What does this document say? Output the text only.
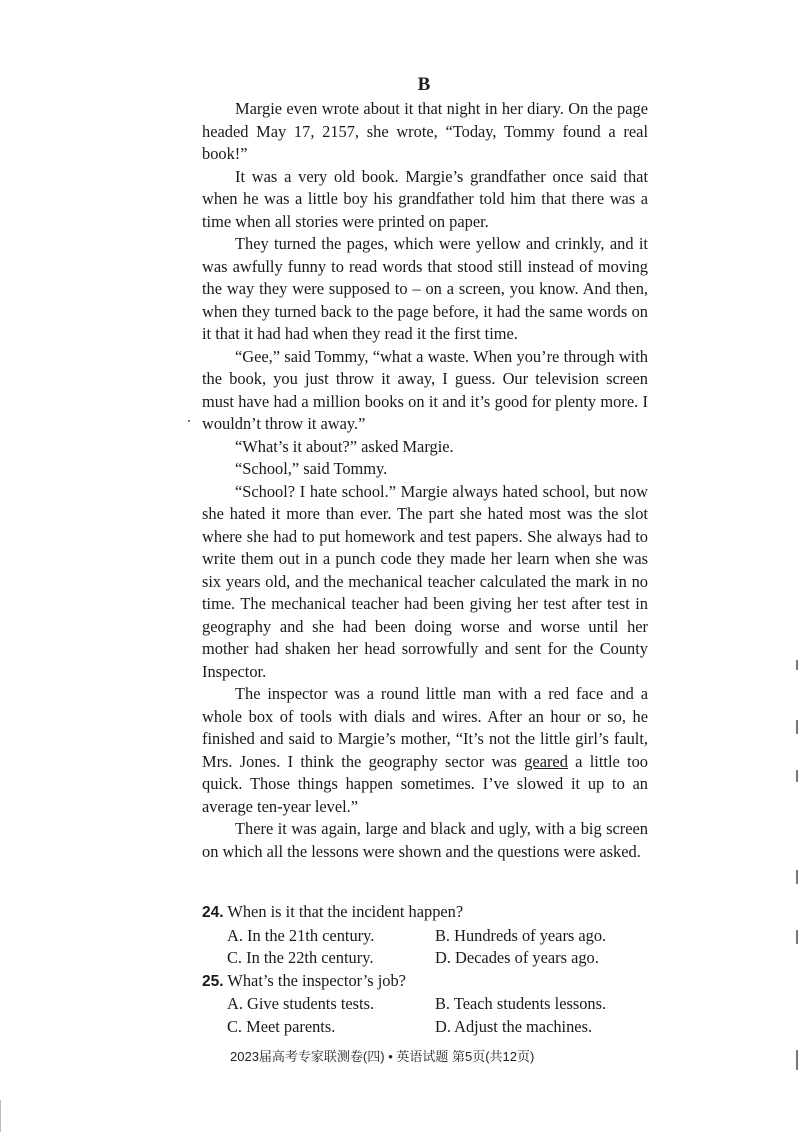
B

Margie even wrote about it that night in her diary. On the page headed May 17, 2157, she wrote, “Today, Tommy found a real book!”

It was a very old book. Margie’s grandfather once said that when he was a little boy his grandfather told him that there was a time when all stories were printed on paper.

They turned the pages, which were yellow and crinkly, and it was awfully funny to read words that stood still instead of moving the way they were supposed to – on a screen, you know. And then, when they turned back to the page before, it had the same words on it that it had had when they read it the first time.

“Gee,” said Tommy, “what a waste. When you’re through with the book, you just throw it away, I guess. Our television screen must have had a million books on it and it’s good for plenty more. I wouldn’t throw it away.”

“What’s it about?” asked Margie.

“School,” said Tommy.

“School? I hate school.” Margie always hated school, but now she hated it more than ever. The part she hated most was the slot where she had to put homework and test papers. She always had to write them out in a punch code they made her learn when she was six years old, and the mechanical teacher calculated the mark in no time. The mechanical teacher had been giving her test after test in geography and she had been doing worse and worse until her mother had shaken her head sorrowfully and sent for the County Inspector.

The inspector was a round little man with a red face and a whole box of tools with dials and wires. After an hour or so, he finished and said to Margie’s mother, “It’s not the little girl’s fault, Mrs. Jones. I think the geography sector was geared a little too quick. Those things happen sometimes. I’ve slowed it up to an average ten-year level.”

There it was again, large and black and ugly, with a big screen on which all the lessons were shown and the questions were asked.

24. When is it that the incident happen?
A. In the 21th century.	B. Hundreds of years ago.
C. In the 22th century.	D. Decades of years ago.
25. What’s the inspector’s job?
A. Give students tests.	B. Teach students lessons.
C. Meet parents.	D. Adjust the machines.
2023届高考专家联测卷(四) • 英语试题 第5页(共12页)
